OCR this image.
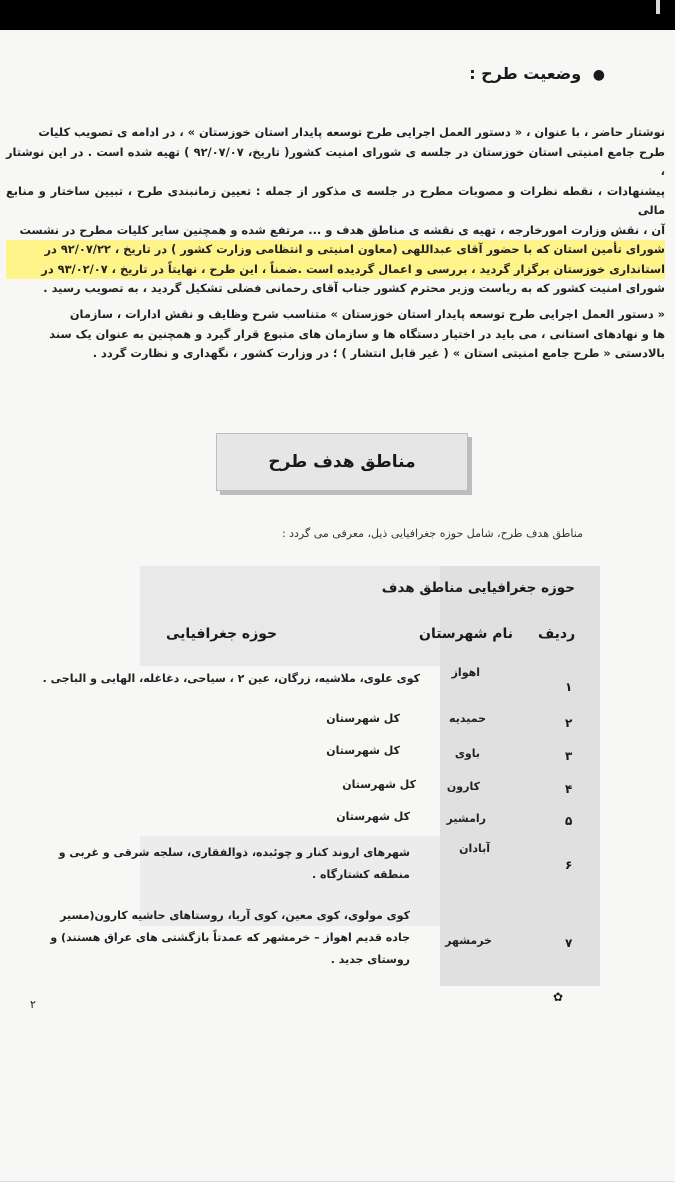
● وضعیت طرح :
نوشتار حاضر ، با عنوان ، « دستور العمل اجرایی طرح توسعه پایدار استان خوزستان » ، در ادامه ی تصویب کلیات
طرح جامع امنیتی استان خوزستان در جلسه ی شورای امنیت کشور( تاریخ، ۹۲/۰۷/۰۷ ) تهیه شده است . در این نوشتار ،
پیشنهادات ، نقطه نظرات و مصوبات مطرح در جلسه ی مذکور از جمله : تعیین زمانبندی طرح ، تبیین ساختار و منابع مالی
آن ، نقش وزارت امورخارجه ، تهیه ی نقشه ی مناطق هدف و ... مرتفع شده و همچنین سایر کلیات مطرح در نشست
شورای تأمین استان که با حضور آقای عبداللهی (معاون امنیتی و انتظامی وزارت کشور ) در تاریخ ، ۹۲/۰۷/۲۲ در
استانداری خوزستان برگزار گردید ، بررسی و اعمال گردیده است .ضمناً ، این طرح ، نهایتاً در تاریخ ، ۹۳/۰۲/۰۷ در
شورای امنیت کشور که به ریاست وزیر محترم کشور جناب آقای رحمانی فضلی تشکیل گردید ، به تصویب رسید .
« دستور العمل اجرایی طرح توسعه پایدار استان خوزستان » متناسب شرح وظایف و نقش ادارات ، سازمان
ها و نهادهای استانی ، می باید در اختیار دستگاه ها و سازمان های متبوع قرار گیرد و همچنین به عنوان یک سند
بالادستی « طرح جامع امنیتی استان » ( غیر قابل انتشار ) ؛ در وزارت کشور ، نگهداری و نظارت گردد .
مناطق هدف طرح
مناطق هدف طرح، شامل حوزه جغرافیایی ذیل، معرفی می گردد :
حوزه جغرافیایی مناطق هدف
ردیف
نام شهرستان
حوزه جغرافیایی
۱
اهواز
کوی علوی، ملاشیه، زرگان، عین ۲ ، سیاحی، دغاغله، الهایی و الباجی .
۲
حمیدیه
کل شهرستان
۳
باوی
کل شهرستان
۴
کارون
کل شهرستان
۵
رامشیر
کل شهرستان
۶
آبادان
شهرهای اروند کنار و چوئبده، ذوالفقاری، سلجه شرقی و غربی و
منطقه کشتارگاه .
۷
خرمشهر
کوی مولوی، کوی معین، کوی آریا، روستاهای حاشیه کارون(مسیر
جاده قدیم اهواز – خرمشهر که عمدتاً بازگشتی های عراق هستند) و
روستای جدید .
✿
۲
